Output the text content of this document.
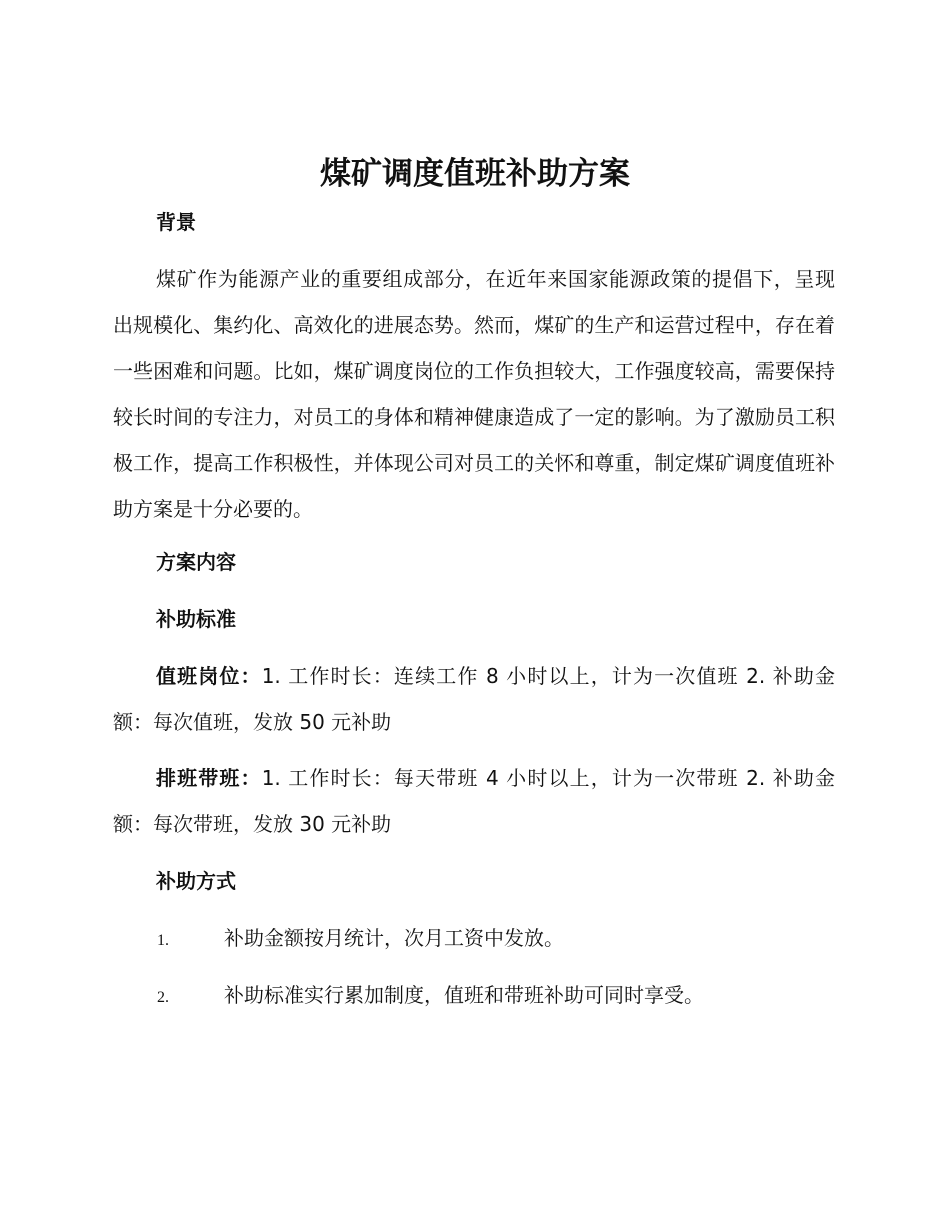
煤矿调度值班补助方案
背景

煤矿作为能源产业的重要组成部分，在近年来国家能源政策的提倡下，呈现出规模化、集约化、高效化的进展态势。然而，煤矿的生产和运营过程中，存在着一些困难和问题。比如，煤矿调度岗位的工作负担较大，工作强度较高，需要保持较长时间的专注力，对员工的身体和精神健康造成了一定的影响。为了激励员工积极工作，提高工作积极性，并体现公司对员工的关怀和尊重，制定煤矿调度值班补助方案是十分必要的。

方案内容
补助标准

值班岗位：1. 工作时长：连续工作 8 小时以上，计为一次值班 2. 补助金额：每次值班，发放 50 元补助

排班带班：1. 工作时长：每天带班 4 小时以上，计为一次带班 2. 补助金额：每次带班，发放 30 元补助

补助方式

1.	补助金额按月统计，次月工资中发放。

2.	补助标准实行累加制度，值班和带班补助可同时享受。
